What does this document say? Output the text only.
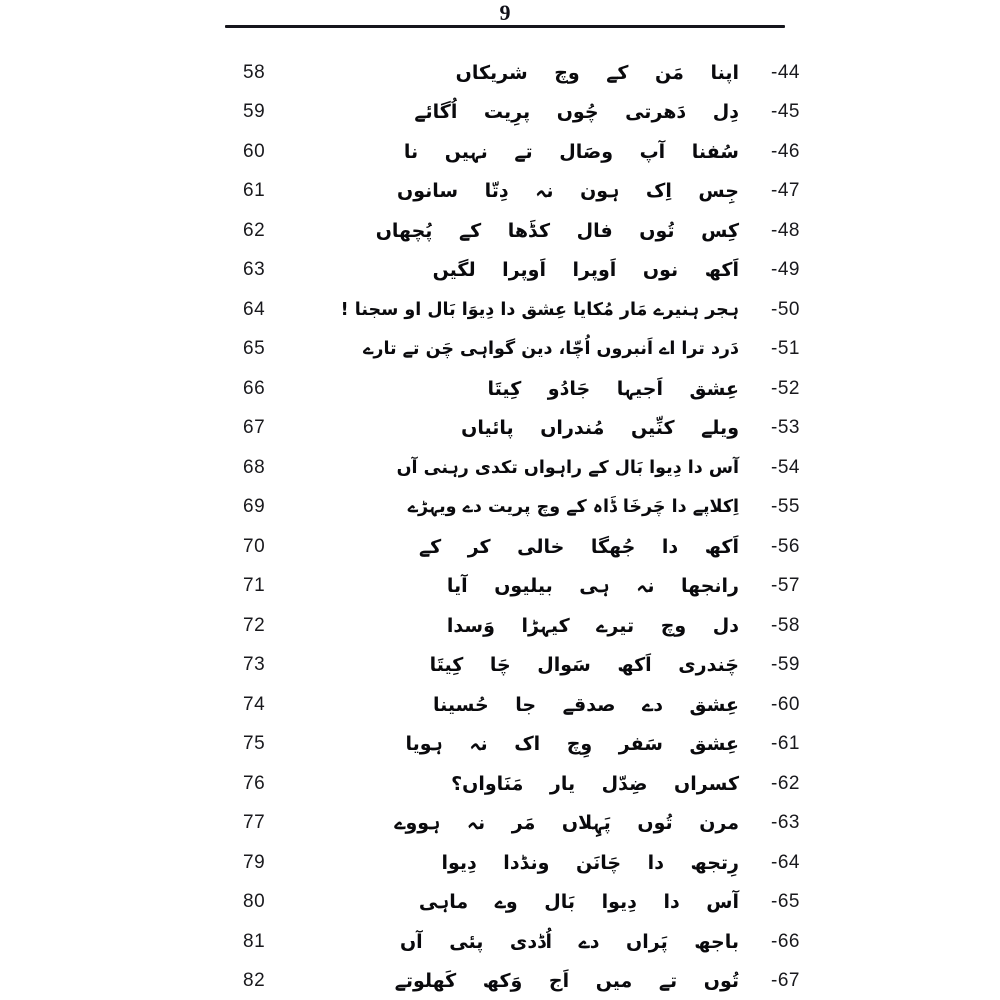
9
58	اپنا مَن کے وچ شریکاں	-44
59	دِل دَھرتی چُوں پرِیت اُگائے	-45
60	سُفنا آپ وصَال تے نہیں نا	-46
61	جِس اِک ہون نہ دِتّا سانوں	-47
62	کِس تُوں فال کڈَھا کے پُچھاں	-48
63	اَکھ نوں اَوپرا اَوپرا لگیں	-49
64	ہجر ہنیرے مَار مُکایا عِشق دا دِیوَا بَال او سجنا !	-50
65	دَرد ترا اے اَنبروں اُچّا، دین گواہی چَن تے تارے	-51
66	عِشق اَجیہا جَادُو کِیتَا	-52
67	ویلے کنِّیں مُندراں پائیاں	-53
68	آس دا دِیوا بَال کے راہواں تکدی رہنی آں	-54
69	اِکلاپے دا چَرخَا ڈَاہ کے وچ پریت دے ویہڑے	-55
70	اَکھ دا جُھگا خالی کر کے	-56
71	رانجھا نہ ہی بیلیوں آیا	-57
72	دل وچ تیرے کیہڑا وَسدا	-58
73	چَندری اَکھ سَوال چَا کِیتَا	-59
74	عِشق دے صدقے جا حُسینا	-60
75	عِشق سَفر وِچ اک نہ ہویا	-61
76	کسراں ضِدّل یار مَنَاواں؟	-62
77	مرن تُوں پَہِلاں مَر نہ ہووے	-63
79	رِتجھ دا چَانَن ونڈدا دِیوا	-64
80	آس دا دِیوا بَال وے ماہی	-65
81	باجھ پَراں دے اُڈدی پئی آں	-66
82	تُوں تے میں اَج وَکھ کَھلوتے	-67
